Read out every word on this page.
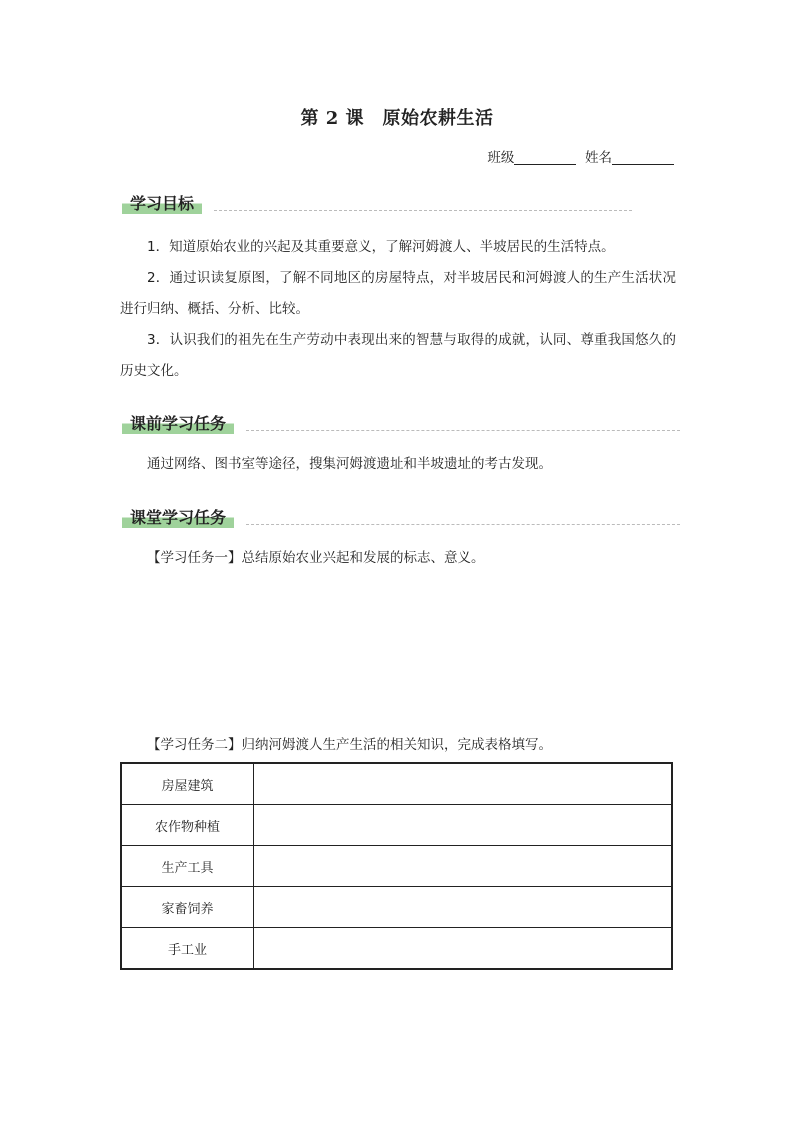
第 2 课　原始农耕生活
班级	姓名
学习目标
1．知道原始农业的兴起及其重要意义，了解河姆渡人、半坡居民的生活特点。
2．通过识读复原图，了解不同地区的房屋特点，对半坡居民和河姆渡人的生产生活状况进行归纳、概括、分析、比较。
3．认识我们的祖先在生产劳动中表现出来的智慧与取得的成就，认同、尊重我国悠久的历史文化。
课前学习任务
通过网络、图书室等途径，搜集河姆渡遗址和半坡遗址的考古发现。
课堂学习任务
【学习任务一】总结原始农业兴起和发展的标志、意义。
【学习任务二】归纳河姆渡人生产生活的相关知识，完成表格填写。
房屋建筑	
农作物种植	
生产工具	
家畜饲养	
手工业	
